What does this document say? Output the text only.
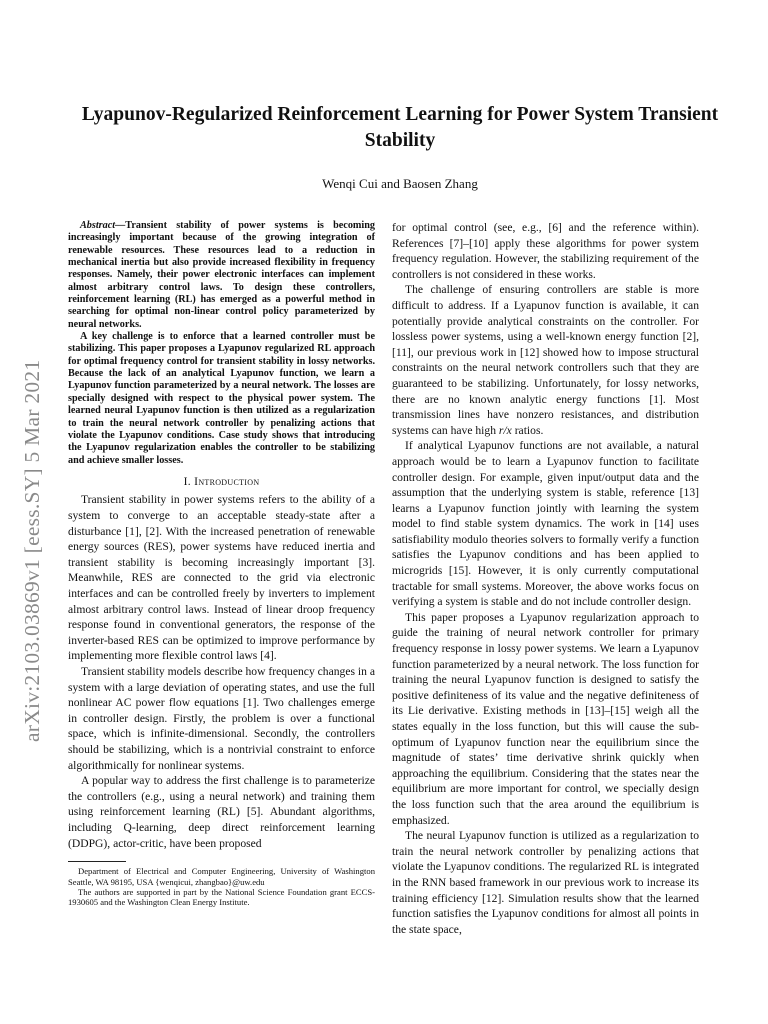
arXiv:2103.03869v1 [eess.SY] 5 Mar 2021
Lyapunov-Regularized Reinforcement Learning for Power System Transient Stability
Wenqi Cui and Baosen Zhang

Abstract—Transient stability of power systems is becoming increasingly important because of the growing integration of renewable resources. These resources lead to a reduction in mechanical inertia but also provide increased flexibility in frequency responses. Namely, their power electronic interfaces can implement almost arbitrary control laws. To design these controllers, reinforcement learning (RL) has emerged as a powerful method in searching for optimal non-linear control policy parameterized by neural networks.

A key challenge is to enforce that a learned controller must be stabilizing. This paper proposes a Lyapunov regularized RL approach for optimal frequency control for transient stability in lossy networks. Because the lack of an analytical Lyapunov function, we learn a Lyapunov function parameterized by a neural network. The losses are specially designed with respect to the physical power system. The learned neural Lyapunov function is then utilized as a regularization to train the neural network controller by penalizing actions that violate the Lyapunov conditions. Case study shows that introducing the Lyapunov regularization enables the controller to be stabilizing and achieve smaller losses.

I. Introduction

Transient stability in power systems refers to the ability of a system to converge to an acceptable steady-state after a disturbance [1], [2]. With the increased penetration of renewable energy sources (RES), power systems have reduced inertia and transient stability is becoming increasingly important [3]. Meanwhile, RES are connected to the grid via electronic interfaces and can be controlled freely by inverters to implement almost arbitrary control laws. Instead of linear droop frequency response found in conventional generators, the response of the inverter-based RES can be optimized to improve performance by implementing more flexible control laws [4].

Transient stability models describe how frequency changes in a system with a large deviation of operating states, and use the full nonlinear AC power flow equations [1]. Two challenges emerge in controller design. Firstly, the problem is over a functional space, which is infinite-dimensional. Secondly, the controllers should be stabilizing, which is a nontrivial constraint to enforce algorithmically for nonlinear systems.

A popular way to address the first challenge is to parameterize the controllers (e.g., using a neural network) and training them using reinforcement learning (RL) [5]. Abundant algorithms, including Q-learning, deep direct reinforcement learning (DDPG), actor-critic, have been proposed

Department of Electrical and Computer Engineering, University of Washington Seattle, WA 98195, USA {wenqicui, zhangbao}@uw.edu

The authors are supported in part by the National Science Foundation grant ECCS-1930605 and the Washington Clean Energy Institute.

for optimal control (see, e.g., [6] and the reference within). References [7]–[10] apply these algorithms for power system frequency regulation. However, the stabilizing requirement of the controllers is not considered in these works.

The challenge of ensuring controllers are stable is more difficult to address. If a Lyapunov function is available, it can potentially provide analytical constraints on the controller. For lossless power systems, using a well-known energy function [2], [11], our previous work in [12] showed how to impose structural constraints on the neural network controllers such that they are guaranteed to be stabilizing. Unfortunately, for lossy networks, there are no known analytic energy functions [1]. Most transmission lines have nonzero resistances, and distribution systems can have high r/x ratios.

If analytical Lyapunov functions are not available, a natural approach would be to learn a Lyapunov function to facilitate controller design. For example, given input/output data and the assumption that the underlying system is stable, reference [13] learns a Lyapunov function jointly with learning the system model to find stable system dynamics. The work in [14] uses satisfiability modulo theories solvers to formally verify a function satisfies the Lyapunov conditions and has been applied to microgrids [15]. However, it is only currently computational tractable for small systems. Moreover, the above works focus on verifying a system is stable and do not include controller design.

This paper proposes a Lyapunov regularization approach to guide the training of neural network controller for primary frequency response in lossy power systems. We learn a Lyapunov function parameterized by a neural network. The loss function for training the neural Lyapunov function is designed to satisfy the positive definiteness of its value and the negative definiteness of its Lie derivative. Existing methods in [13]–[15] weigh all the states equally in the loss function, but this will cause the sub-optimum of Lyapunov function near the equilibrium since the magnitude of states’ time derivative shrink quickly when approaching the equilibrium. Considering that the states near the equilibrium are more important for control, we specially design the loss function such that the area around the equilibrium is emphasized.

The neural Lyapunov function is utilized as a regularization to train the neural network controller by penalizing actions that violate the Lyapunov conditions. The regularized RL is integrated in the RNN based framework in our previous work to increase its training efficiency [12]. Simulation results show that the learned function satisfies the Lyapunov conditions for almost all points in the state space,
